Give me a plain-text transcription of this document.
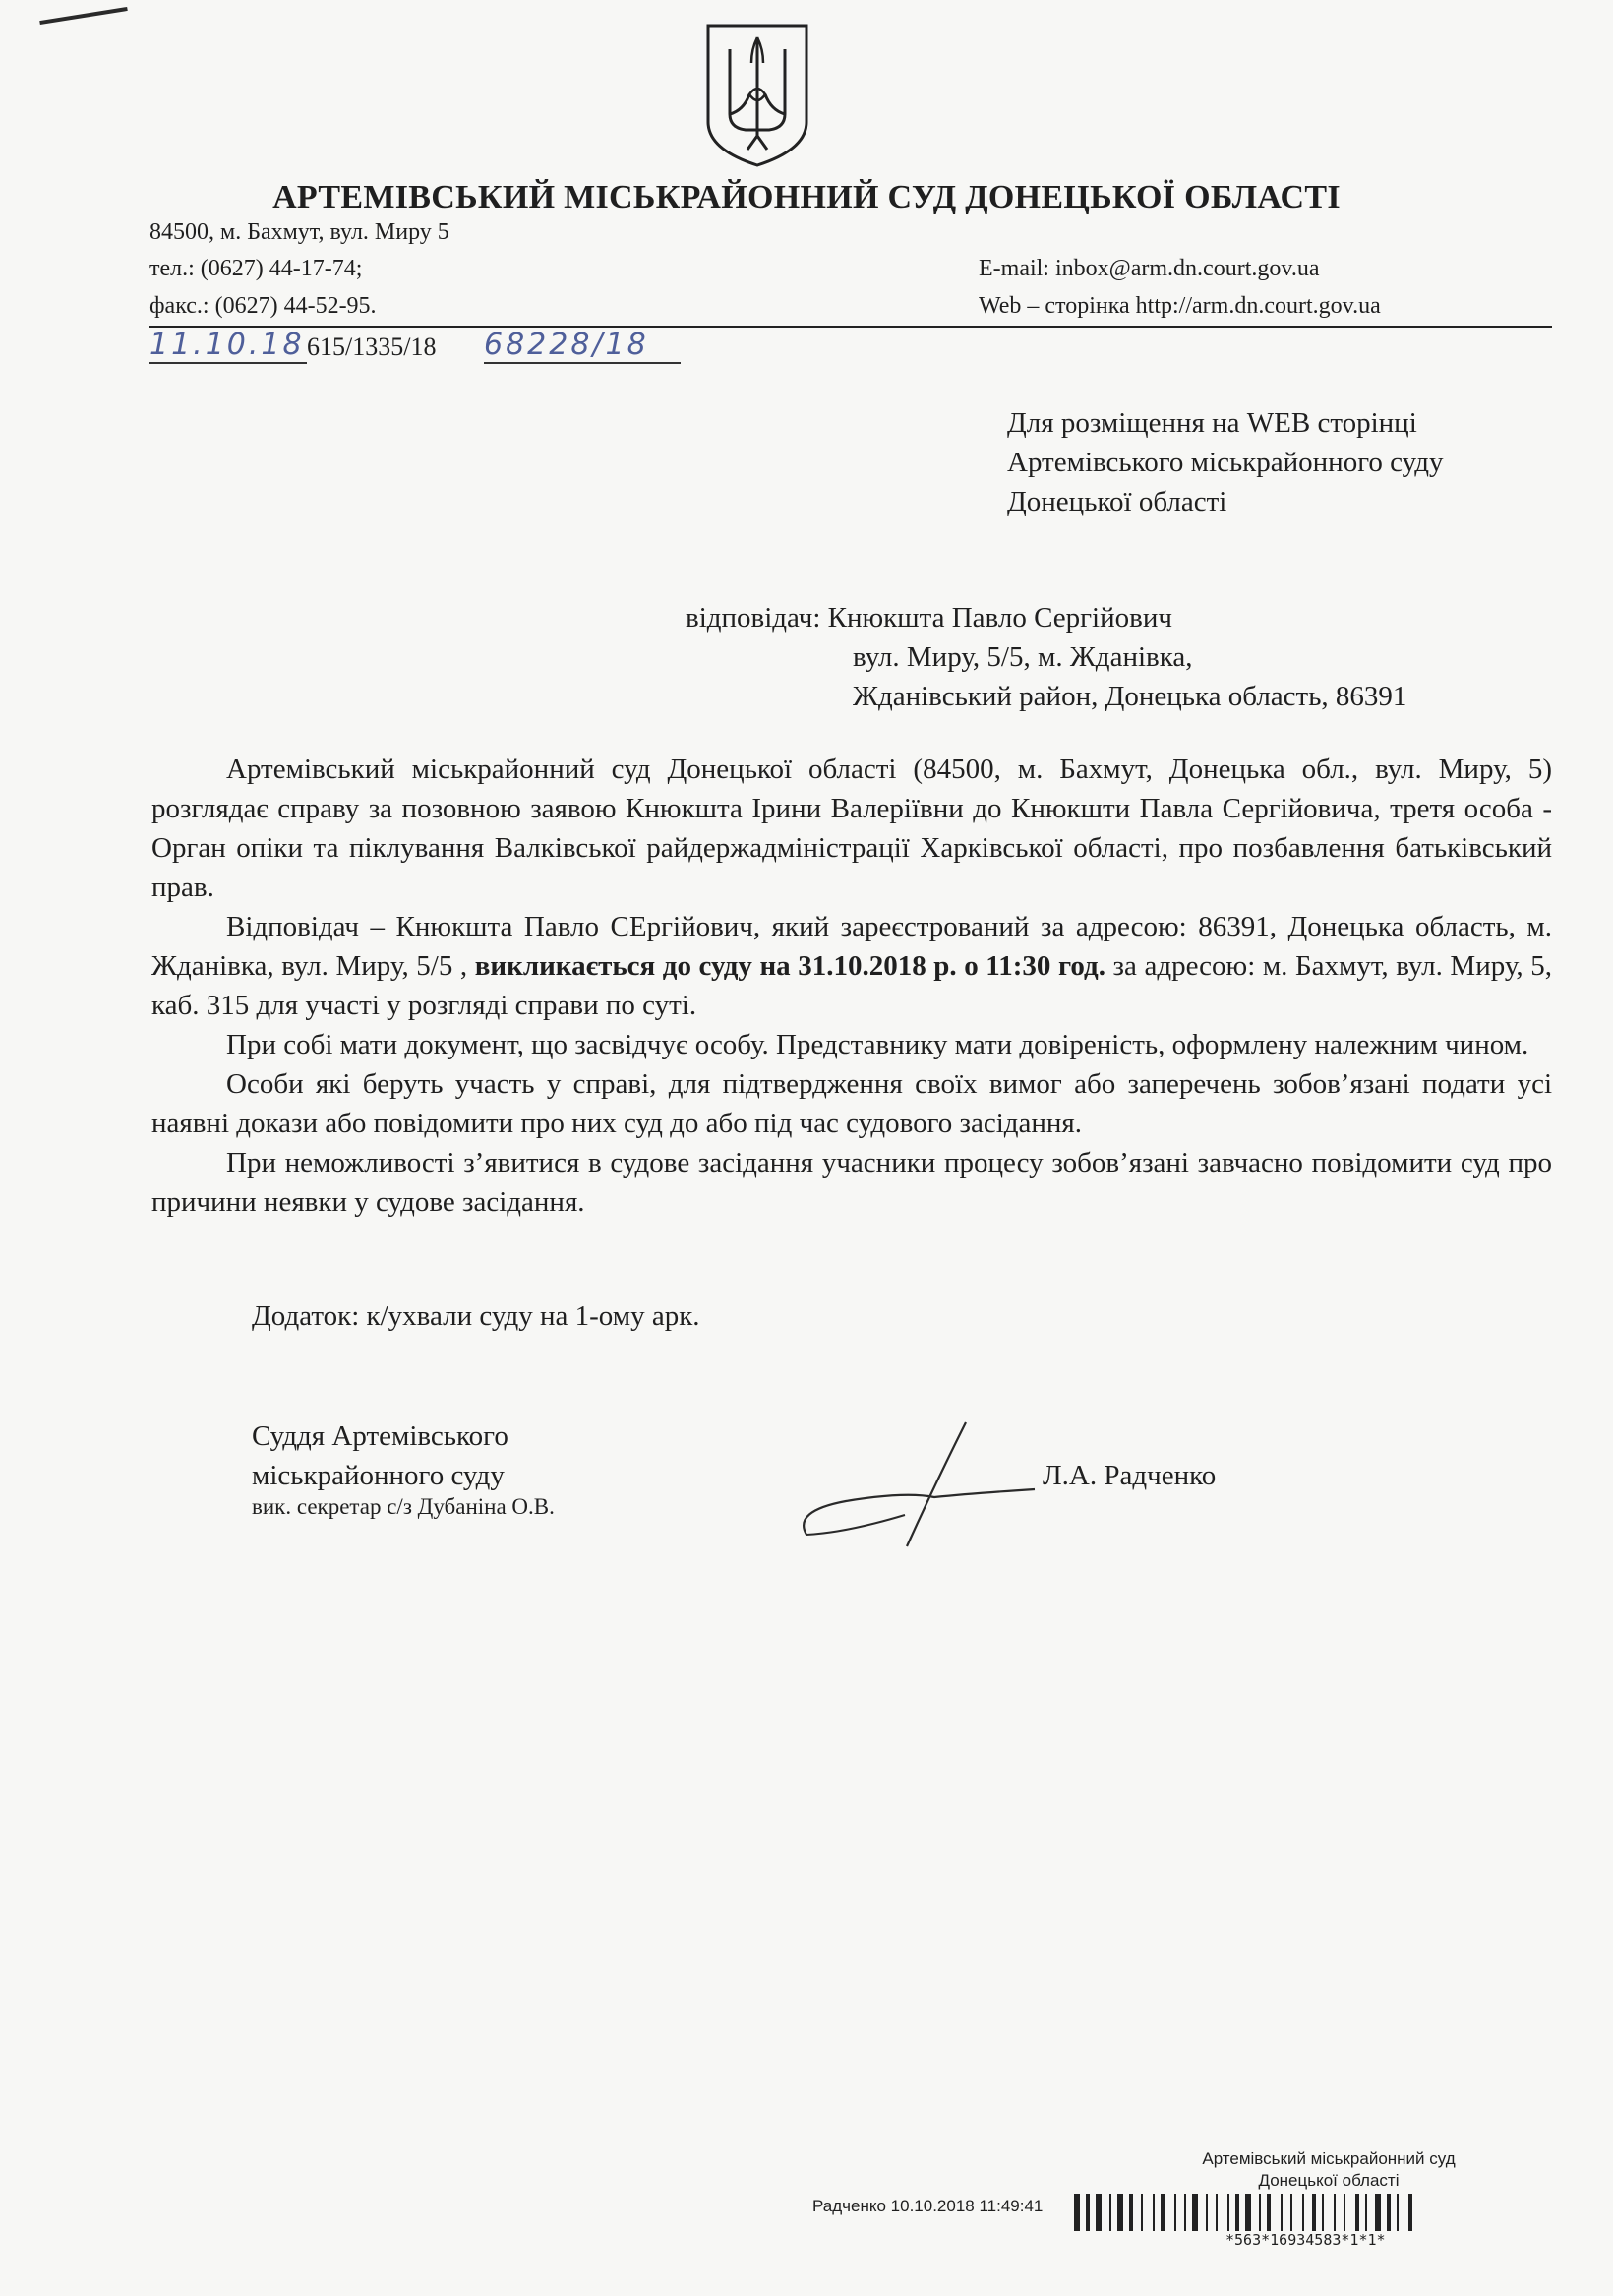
АРТЕМІВСЬКИЙ МІСЬКРАЙОННИЙ СУД ДОНЕЦЬКОЇ ОБЛАСТІ
84500, м. Бахмут, вул. Миру 5
тел.: (0627) 44-17-74;
факс.: (0627) 44-52-95.
E-mail: inbox@arm.dn.court.gov.ua
Web – сторінка http://arm.dn.court.gov.ua
11.10.18 615/1335/18 68228/18
Для розміщення на WEB сторінці
Артемівського міськрайонного суду
Донецької області
відповідач: Кнюкшта Павло Сергійович
вул. Миру, 5/5, м. Жданівка,
Жданівський район, Донецька область, 86391

Артемівський міськрайонний суд Донецької області (84500, м. Бахмут, Донецька обл., вул. Миру, 5) розглядає справу за позовною заявою Кнюкшта Ірини Валеріївни до Кнюкшти Павла Сергійовича, третя особа - Орган опіки та піклування Валківської райдержадміністрації Харківської області, про позбавлення батьківський прав.

Відповідач – Кнюкшта Павло СЕргійович, який зареєстрований за адресою: 86391, Донецька область, м. Жданівка, вул. Миру, 5/5 , викликається до суду на 31.10.2018 р. о 11:30 год. за адресою: м. Бахмут, вул. Миру, 5, каб. 315 для участі у розгляді справи по суті.

При собі мати документ, що засвідчує особу. Представнику мати довіреність, оформлену належним чином.

Особи які беруть участь у справі, для підтвердження своїх вимог або заперечень зобов’язані подати усі наявні докази або повідомити про них суд до або під час судового засідання.

При неможливості з’явитися в судове засідання учасники процесу зобов’язані завчасно повідомити суд про причини неявки у судове засідання.

Додаток: к/ухвали суду на 1-ому арк.
Суддя Артемівського
міськрайонного суду
вик. секретар с/з Дубаніна О.В.
Л.А. Радченко
Артемівський міськрайонний суд
Донецької області
Радченко 10.10.2018 11:49:41
*563*16934583*1*1*
